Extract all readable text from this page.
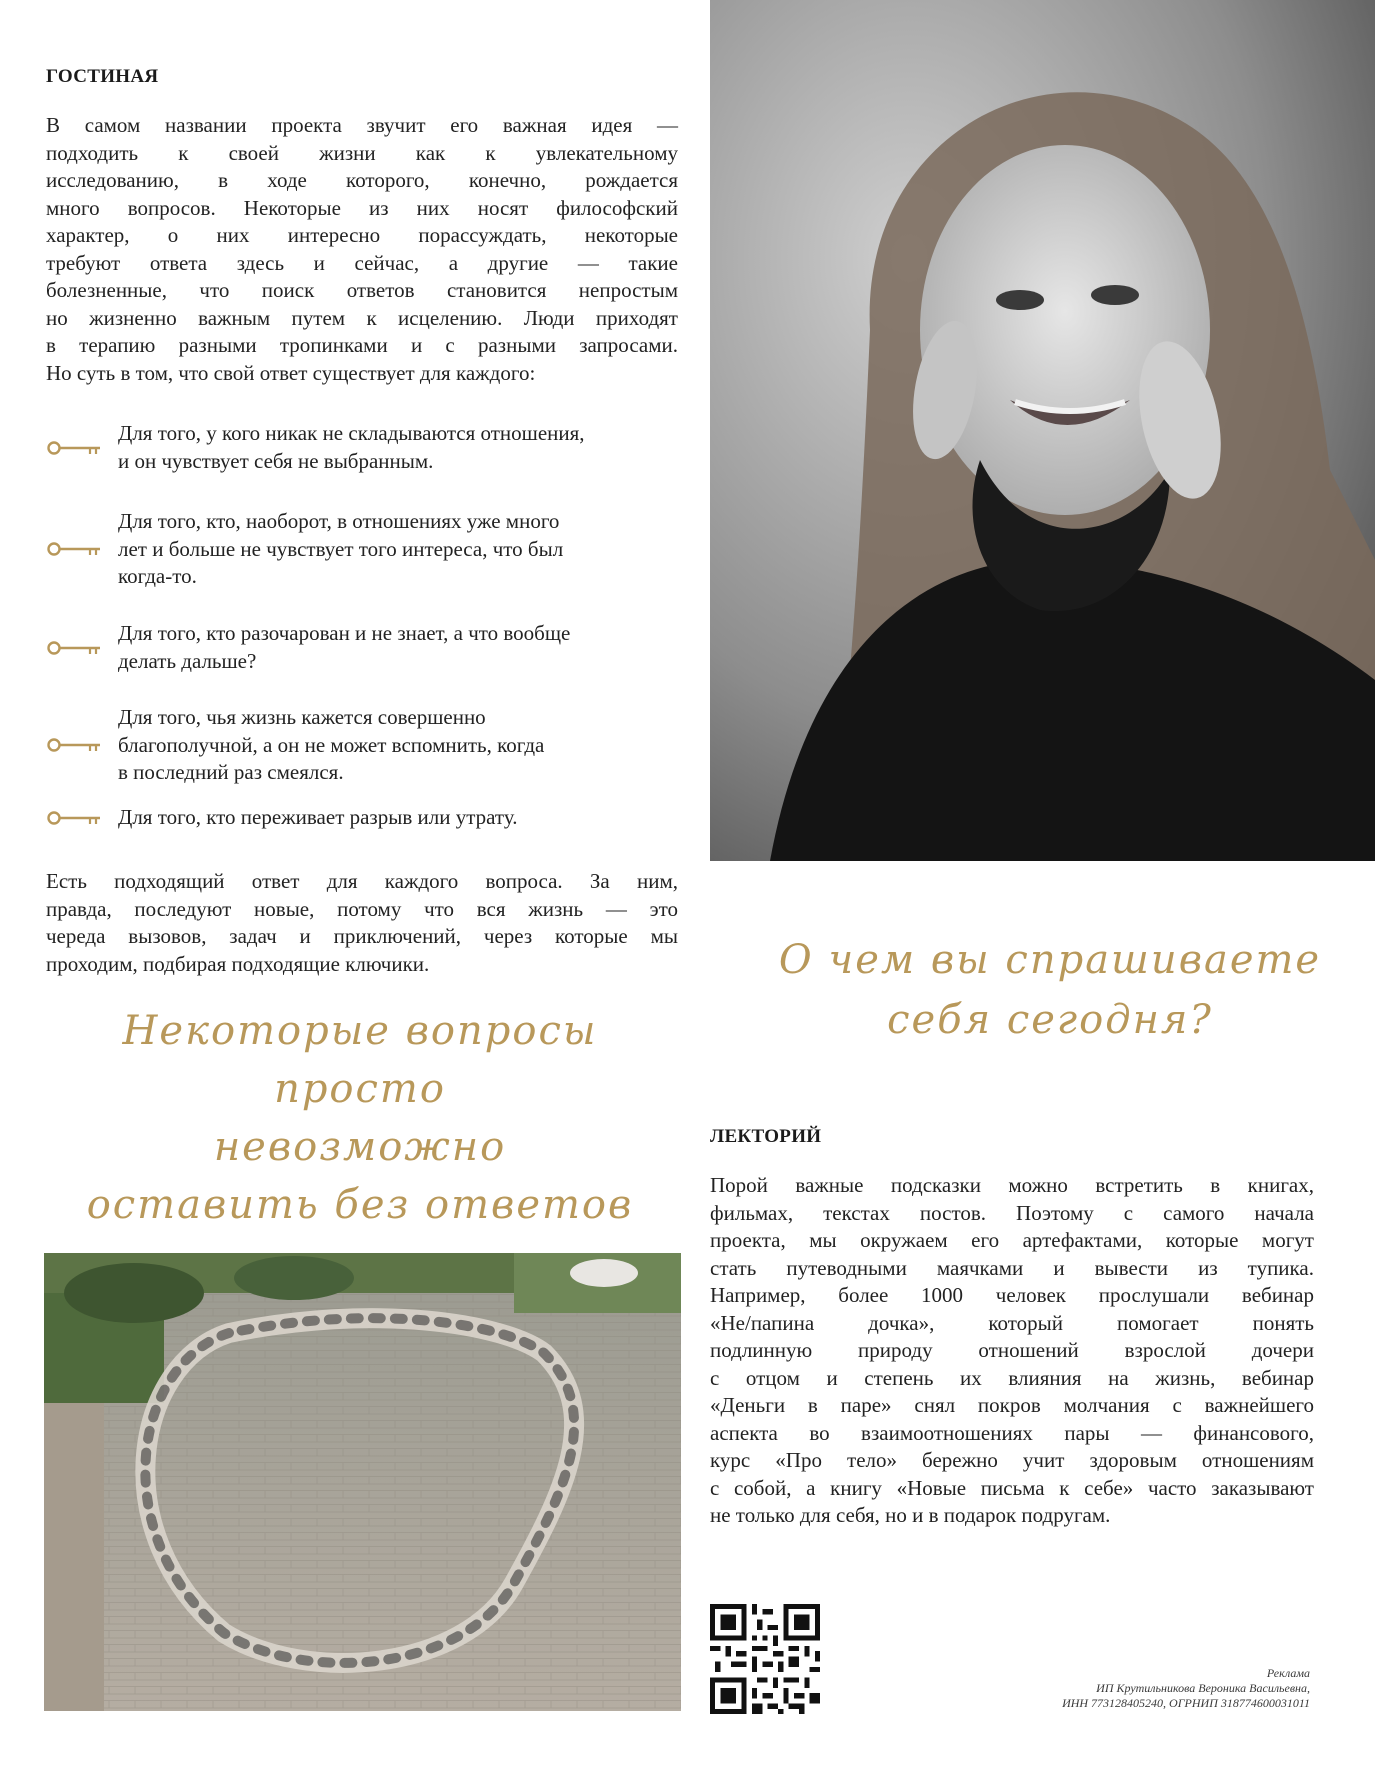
ГОСТИНАЯ
В самом названии проекта звучит его важная идея —
подходить к своей жизни как к увлекательному
исследованию, в ходе которого, конечно, рождается
много вопросов. Некоторые из них носят философский
характер, о них интересно порассуждать, некоторые
требуют ответа здесь и сейчас, а другие — такие
болезненные, что поиск ответов становится непростым
но жизненно важным путем к исцелению. Люди приходят
в терапию разными тропинками и с разными запросами.
Но суть в том, что свой ответ существует для каждого:
Для того, у кого никак не складываются отношения,
и он чувствует себя не выбранным.
Для того, кто, наоборот, в отношениях уже много
лет и больше не чувствует того интереса, что был
когда-то.
Для того, кто разочарован и не знает, а что вообще
делать дальше?
Для того, чья жизнь кажется совершенно
благополучной, а он не может вспомнить, когда
в последний раз смеялся.
Для того, кто переживает разрыв или утрату.
Есть подходящий ответ для каждого вопроса. За ним,
правда, последуют новые, потому что вся жизнь — это
череда вызовов, задач и приключений, через которые мы
проходим, подбирая подходящие ключики.
Некоторые вопросы просто
невозможно
оставить без ответов
О чем вы спрашиваете
себя сегодня?
ЛЕКТОРИЙ
Порой важные подсказки можно встретить в книгах,
фильмах, текстах постов. Поэтому с самого начала
проекта, мы окружаем его артефактами, которые могут
стать путеводными маячками и вывести из тупика.
Например, более 1000 человек прослушали вебинар
«Не/папина дочка», который помогает понять
подлинную природу отношений взрослой дочери
с отцом и степень их влияния на жизнь, вебинар
«Деньги в паре» снял покров молчания с важнейшего
аспекта во взаимоотношениях пары — финансового,
курс «Про тело» бережно учит здоровым отношениям
с собой, а книгу «Новые письма к себе» часто заказывают
не только для себя, но и в подарок подругам.
Реклама
ИП Крутильникова Вероника Васильевна,
ИНН 773128405240, ОГРНИП 318774600031011
